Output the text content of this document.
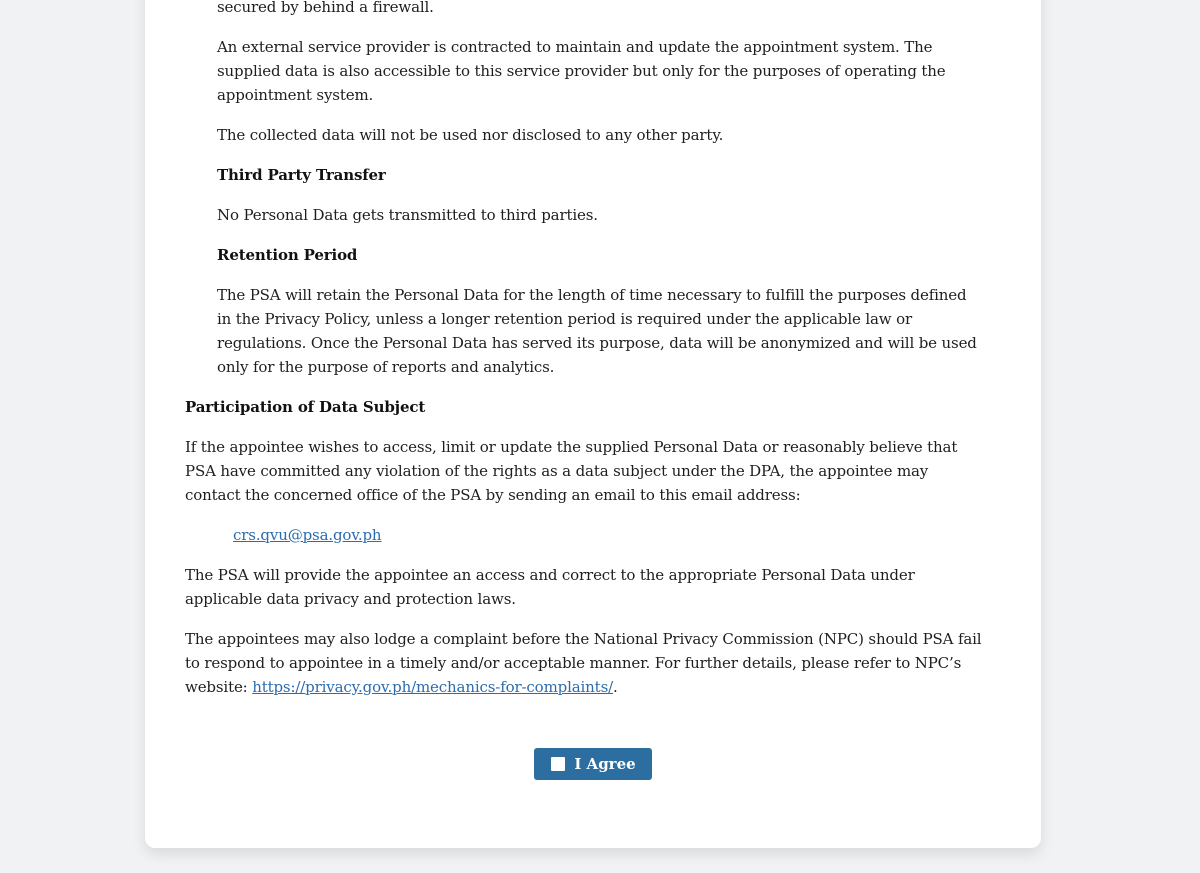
secured by behind a firewall.

An external service provider is contracted to maintain and update the appointment system. The supplied data is also accessible to this service provider but only for the purposes of operating the appointment system.

The collected data will not be used nor disclosed to any other party.

Third Party Transfer

No Personal Data gets transmitted to third parties.

Retention Period

The PSA will retain the Personal Data for the length of time necessary to fulfill the purposes defined in the Privacy Policy, unless a longer retention period is required under the applicable law or regulations. Once the Personal Data has served its purpose, data will be anonymized and will be used only for the purpose of reports and analytics.

Participation of Data Subject

If the appointee wishes to access, limit or update the supplied Personal Data or reasonably believe that PSA have committed any violation of the rights as a data subject under the DPA, the appointee may contact the concerned office of the PSA by sending an email to this email address:

crs.qvu@psa.gov.ph

The PSA will provide the appointee an access and correct to the appropriate Personal Data under applicable data privacy and protection laws.

The appointees may also lodge a complaint before the National Privacy Commission (NPC) should PSA fail to respond to appointee in a timely and/or acceptable manner. For further details, please refer to NPC’s website: https://privacy.gov.ph/mechanics-for-complaints/.

I Agree
